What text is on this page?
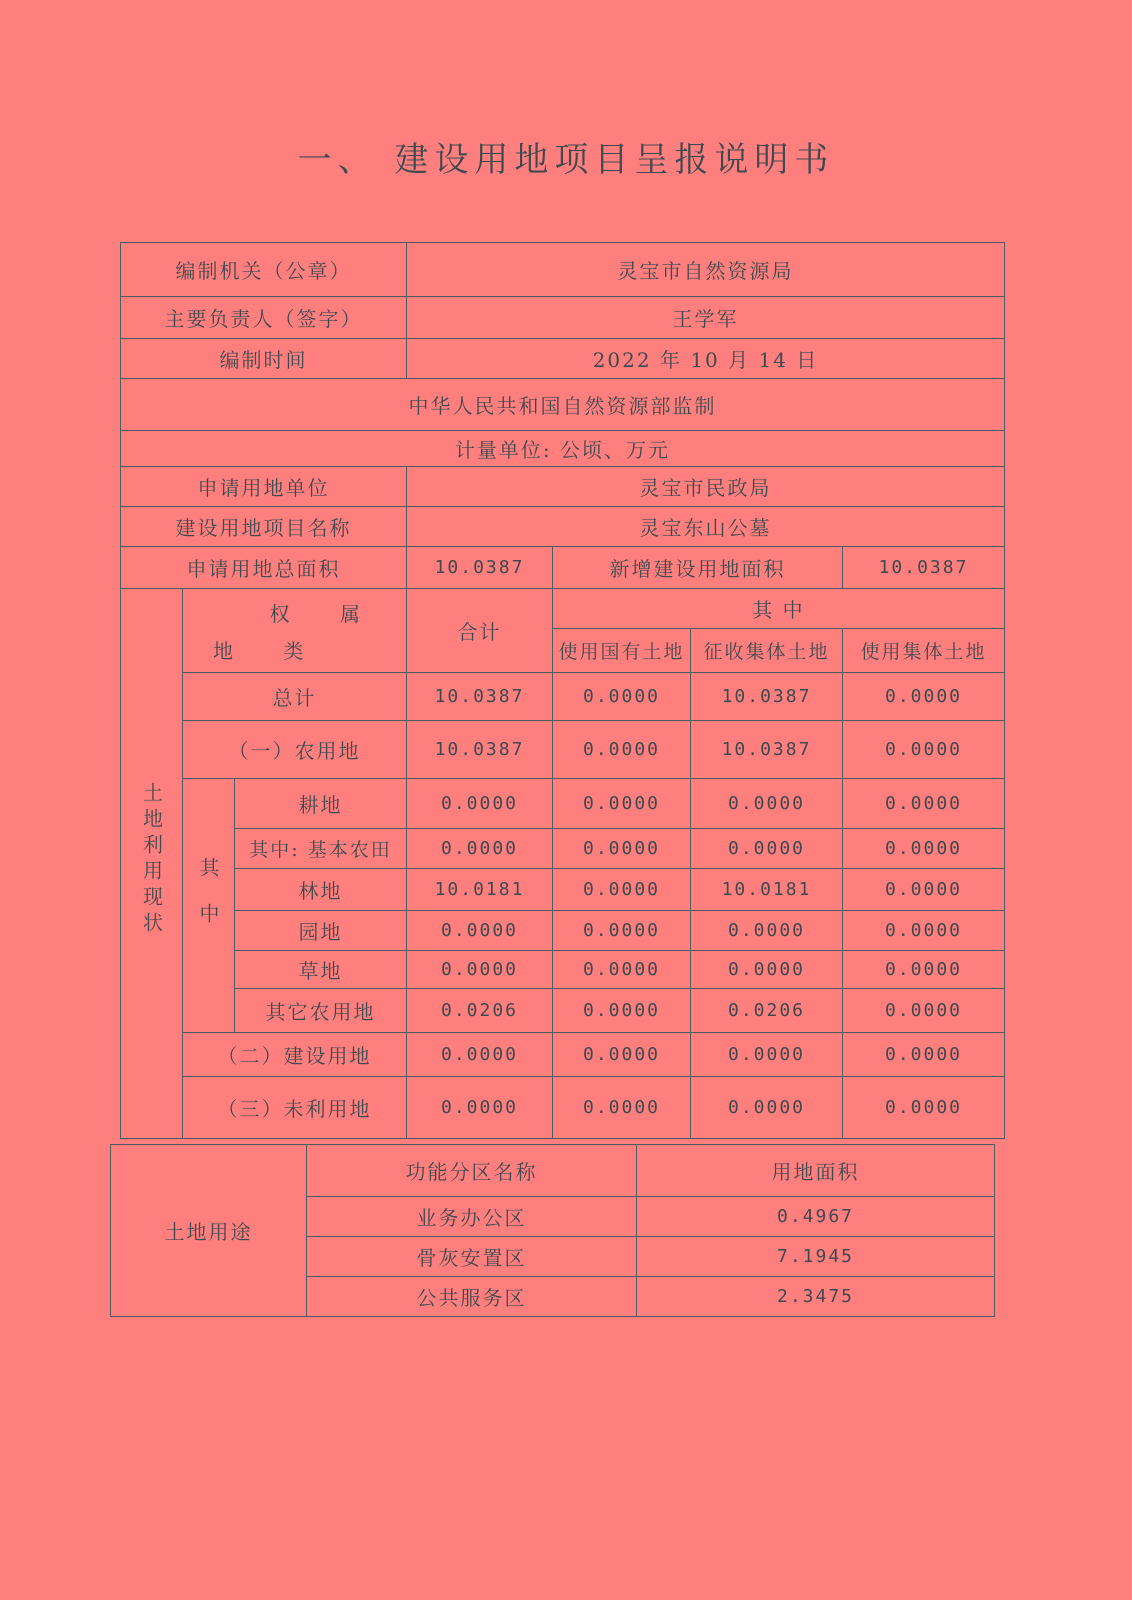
一、 建设用地项目呈报说明书
编制机关（公章）			灵宝市自然资源局			
主要负责人（签字）			王学军			
编制时间			2022 年 10 月 14 日			
中华人民共和国自然资源部监制						
计量单位: 公顷、万元						
申请用地单位			灵宝市民政局			
建设用地项目名称			灵宝东山公墓			
申请用地总面积			10.0387	新增建设用地面积		10.0387
土地利用现状	权 属
地 类		合计	其 中		
				使用国有土地	征收集体土地	使用集体土地
	总计		10.0387	0.0000	10.0387	0.0000
	（一）农用地		10.0387	0.0000	10.0387	0.0000
	其中	耕地	0.0000	0.0000	0.0000	0.0000
		其中: 基本农田	0.0000	0.0000	0.0000	0.0000
		林地	10.0181	0.0000	10.0181	0.0000
		园地	0.0000	0.0000	0.0000	0.0000
		草地	0.0000	0.0000	0.0000	0.0000
		其它农用地	0.0206	0.0000	0.0206	0.0000
	（二）建设用地		0.0000	0.0000	0.0000	0.0000
	（三）未利用地		0.0000	0.0000	0.0000	0.0000
土地用途	功能分区名称	用地面积
	业务办公区	0.4967
	骨灰安置区	7.1945
	公共服务区	2.3475
